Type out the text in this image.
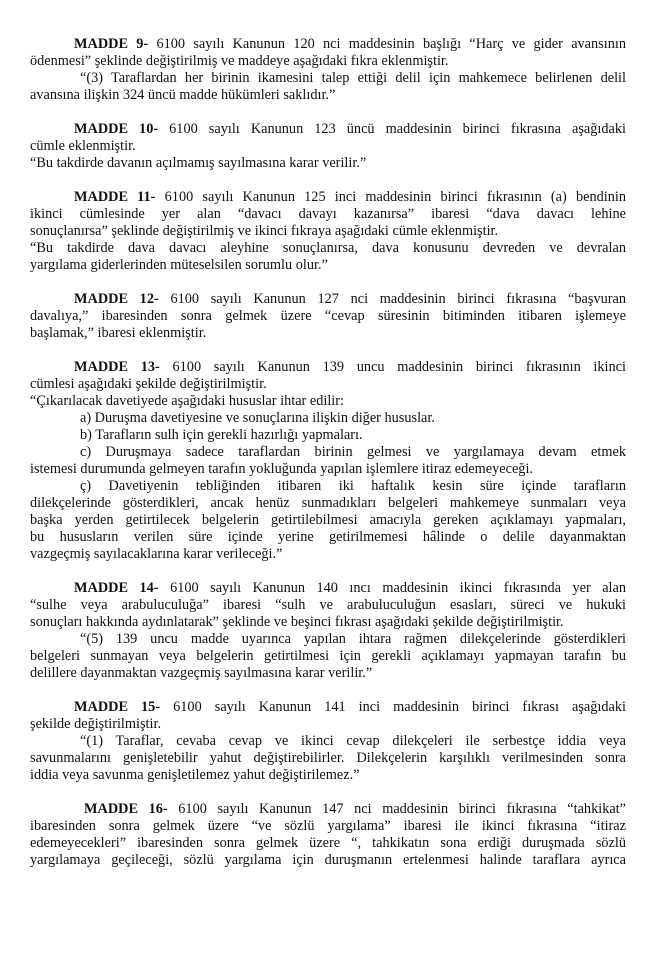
MADDE 9- 6100 sayılı Kanunun 120 nci maddesinin başlığı “Harç ve gider avansının
ödenmesi” şeklinde değiştirilmiş ve maddeye aşağıdaki fıkra eklenmiştir.
“(3) Taraflardan her birinin ikamesini talep ettiği delil için mahkemece belirlenen delil
avansına ilişkin 324 üncü madde hükümleri saklıdır.”
MADDE 10- 6100 sayılı Kanunun 123 üncü maddesinin birinci fıkrasına aşağıdaki
cümle eklenmiştir.
“Bu takdirde davanın açılmamış sayılmasına karar verilir.”
MADDE 11- 6100 sayılı Kanunun 125 inci maddesinin birinci fıkrasının (a) bendinin
ikinci cümlesinde yer alan “davacı davayı kazanırsa” ibaresi “dava davacı lehine
sonuçlanırsa” şeklinde değiştirilmiş ve ikinci fıkraya aşağıdaki cümle eklenmiştir.
“Bu takdirde dava davacı aleyhine sonuçlanırsa, dava konusunu devreden ve devralan
yargılama giderlerinden müteselsilen sorumlu olur.”
MADDE 12- 6100 sayılı Kanunun 127 nci maddesinin birinci fıkrasına “başvuran
davalıya,” ibaresinden sonra gelmek üzere “cevap süresinin bitiminden itibaren işlemeye
başlamak,” ibaresi eklenmiştir.
MADDE 13- 6100 sayılı Kanunun 139 uncu maddesinin birinci fıkrasının ikinci
cümlesi aşağıdaki şekilde değiştirilmiştir.
“Çıkarılacak davetiyede aşağıdaki hususlar ihtar edilir:
a) Duruşma davetiyesine ve sonuçlarına ilişkin diğer hususlar.
b) Tarafların sulh için gerekli hazırlığı yapmaları.
c) Duruşmaya sadece taraflardan birinin gelmesi ve yargılamaya devam etmek
istemesi durumunda gelmeyen tarafın yokluğunda yapılan işlemlere itiraz edemeyeceği.
ç) Davetiyenin tebliğinden itibaren iki haftalık kesin süre içinde tarafların
dilekçelerinde gösterdikleri, ancak henüz sunmadıkları belgeleri mahkemeye sunmaları veya
başka yerden getirtilecek belgelerin getirtilebilmesi amacıyla gereken açıklamayı yapmaları,
bu hususların verilen süre içinde yerine getirilmemesi hâlinde o delile dayanmaktan
vazgeçmiş sayılacaklarına karar verileceği.”
MADDE 14- 6100 sayılı Kanunun 140 ıncı maddesinin ikinci fıkrasında yer alan
“sulhe veya arabuluculuğa” ibaresi “sulh ve arabuluculuğun esasları, süreci ve hukuki
sonuçları hakkında aydınlatarak” şeklinde ve beşinci fıkrası aşağıdaki şekilde değiştirilmiştir.
“(5) 139 uncu madde uyarınca yapılan ihtara rağmen dilekçelerinde gösterdikleri
belgeleri sunmayan veya belgelerin getirtilmesi için gerekli açıklamayı yapmayan tarafın bu
delillere dayanmaktan vazgeçmiş sayılmasına karar verilir.”
MADDE 15- 6100 sayılı Kanunun 141 inci maddesinin birinci fıkrası aşağıdaki
şekilde değiştirilmiştir.
“(1) Taraflar, cevaba cevap ve ikinci cevap dilekçeleri ile serbestçe iddia veya
savunmalarını genişletebilir yahut değiştirebilirler. Dilekçelerin karşılıklı verilmesinden sonra
iddia veya savunma genişletilemez yahut değiştirilemez.”
MADDE 16- 6100 sayılı Kanunun 147 nci maddesinin birinci fıkrasına “tahkikat”
ibaresinden sonra gelmek üzere “ve sözlü yargılama” ibaresi ile ikinci fıkrasına “itiraz
edemeyecekleri” ibaresinden sonra gelmek üzere “, tahkikatın sona erdiği duruşmada sözlü
yargılamaya geçileceği, sözlü yargılama için duruşmanın ertelenmesi halinde taraflara ayrıca
